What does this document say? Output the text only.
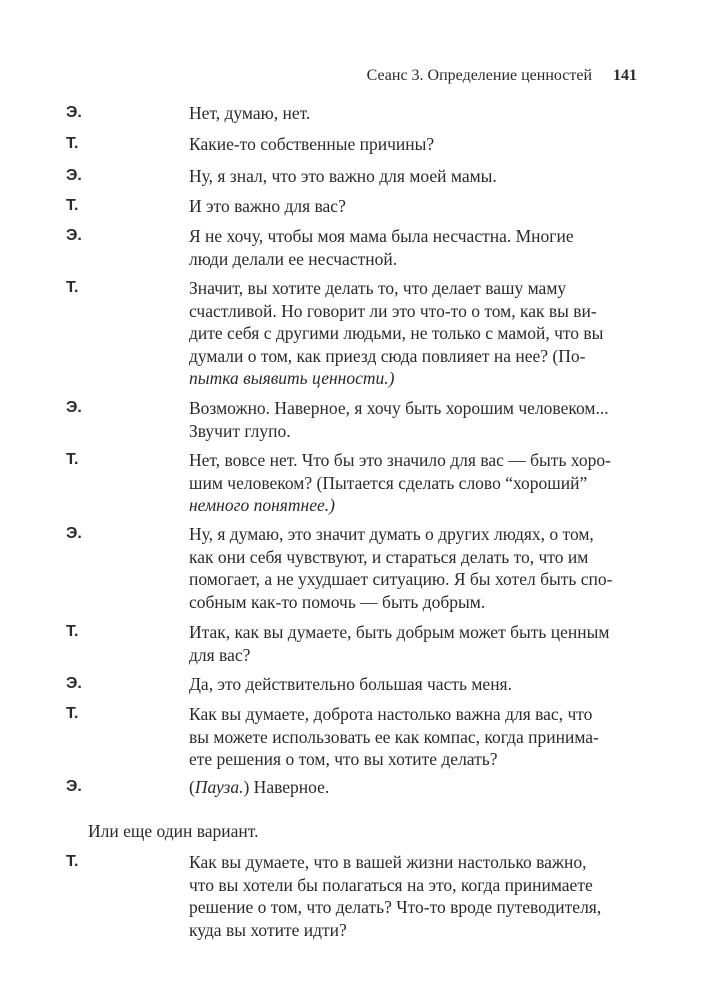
Сеанс 3. Определение ценностей 141
Э.	Нет, думаю, нет.
Т.	Какие-то собственные причины?
Э.	Ну, я знал, что это важно для моей мамы.
Т.	И это важно для вас?
Э.	Я не хочу, чтобы моя мама была несчастна. Многие
люди делали ее несчастной.
Т.	Значит, вы хотите делать то, что делает вашу маму
счастливой. Но говорит ли это что-то о том, как вы ви-
дите себя с другими людьми, не только с мамой, что вы
думали о том, как приезд сюда повлияет на нее? (По-
пытка выявить ценности.)
Э.	Возможно. Наверное, я хочу быть хорошим человеком...
Звучит глупо.
Т.	Нет, вовсе нет. Что бы это значило для вас — быть хоро-
шим человеком? (Пытается сделать слово “хороший”
немного понятнее.)
Э.	Ну, я думаю, это значит думать о других людях, о том,
как они себя чувствуют, и стараться делать то, что им
помогает, а не ухудшает ситуацию. Я бы хотел быть спо-
собным как-то помочь — быть добрым.
Т.	Итак, как вы думаете, быть добрым может быть ценным
для вас?
Э.	Да, это действительно большая часть меня.
Т.	Как вы думаете, доброта настолько важна для вас, что
вы можете использовать ее как компас, когда принима-
ете решения о том, что вы хотите делать?
Э.	(Пауза.) Наверное.
Или еще один вариант.
Т.	Как вы думаете, что в вашей жизни настолько важно,
что вы хотели бы полагаться на это, когда принимаете
решение о том, что делать? Что-то вроде путеводителя,
куда вы хотите идти?
